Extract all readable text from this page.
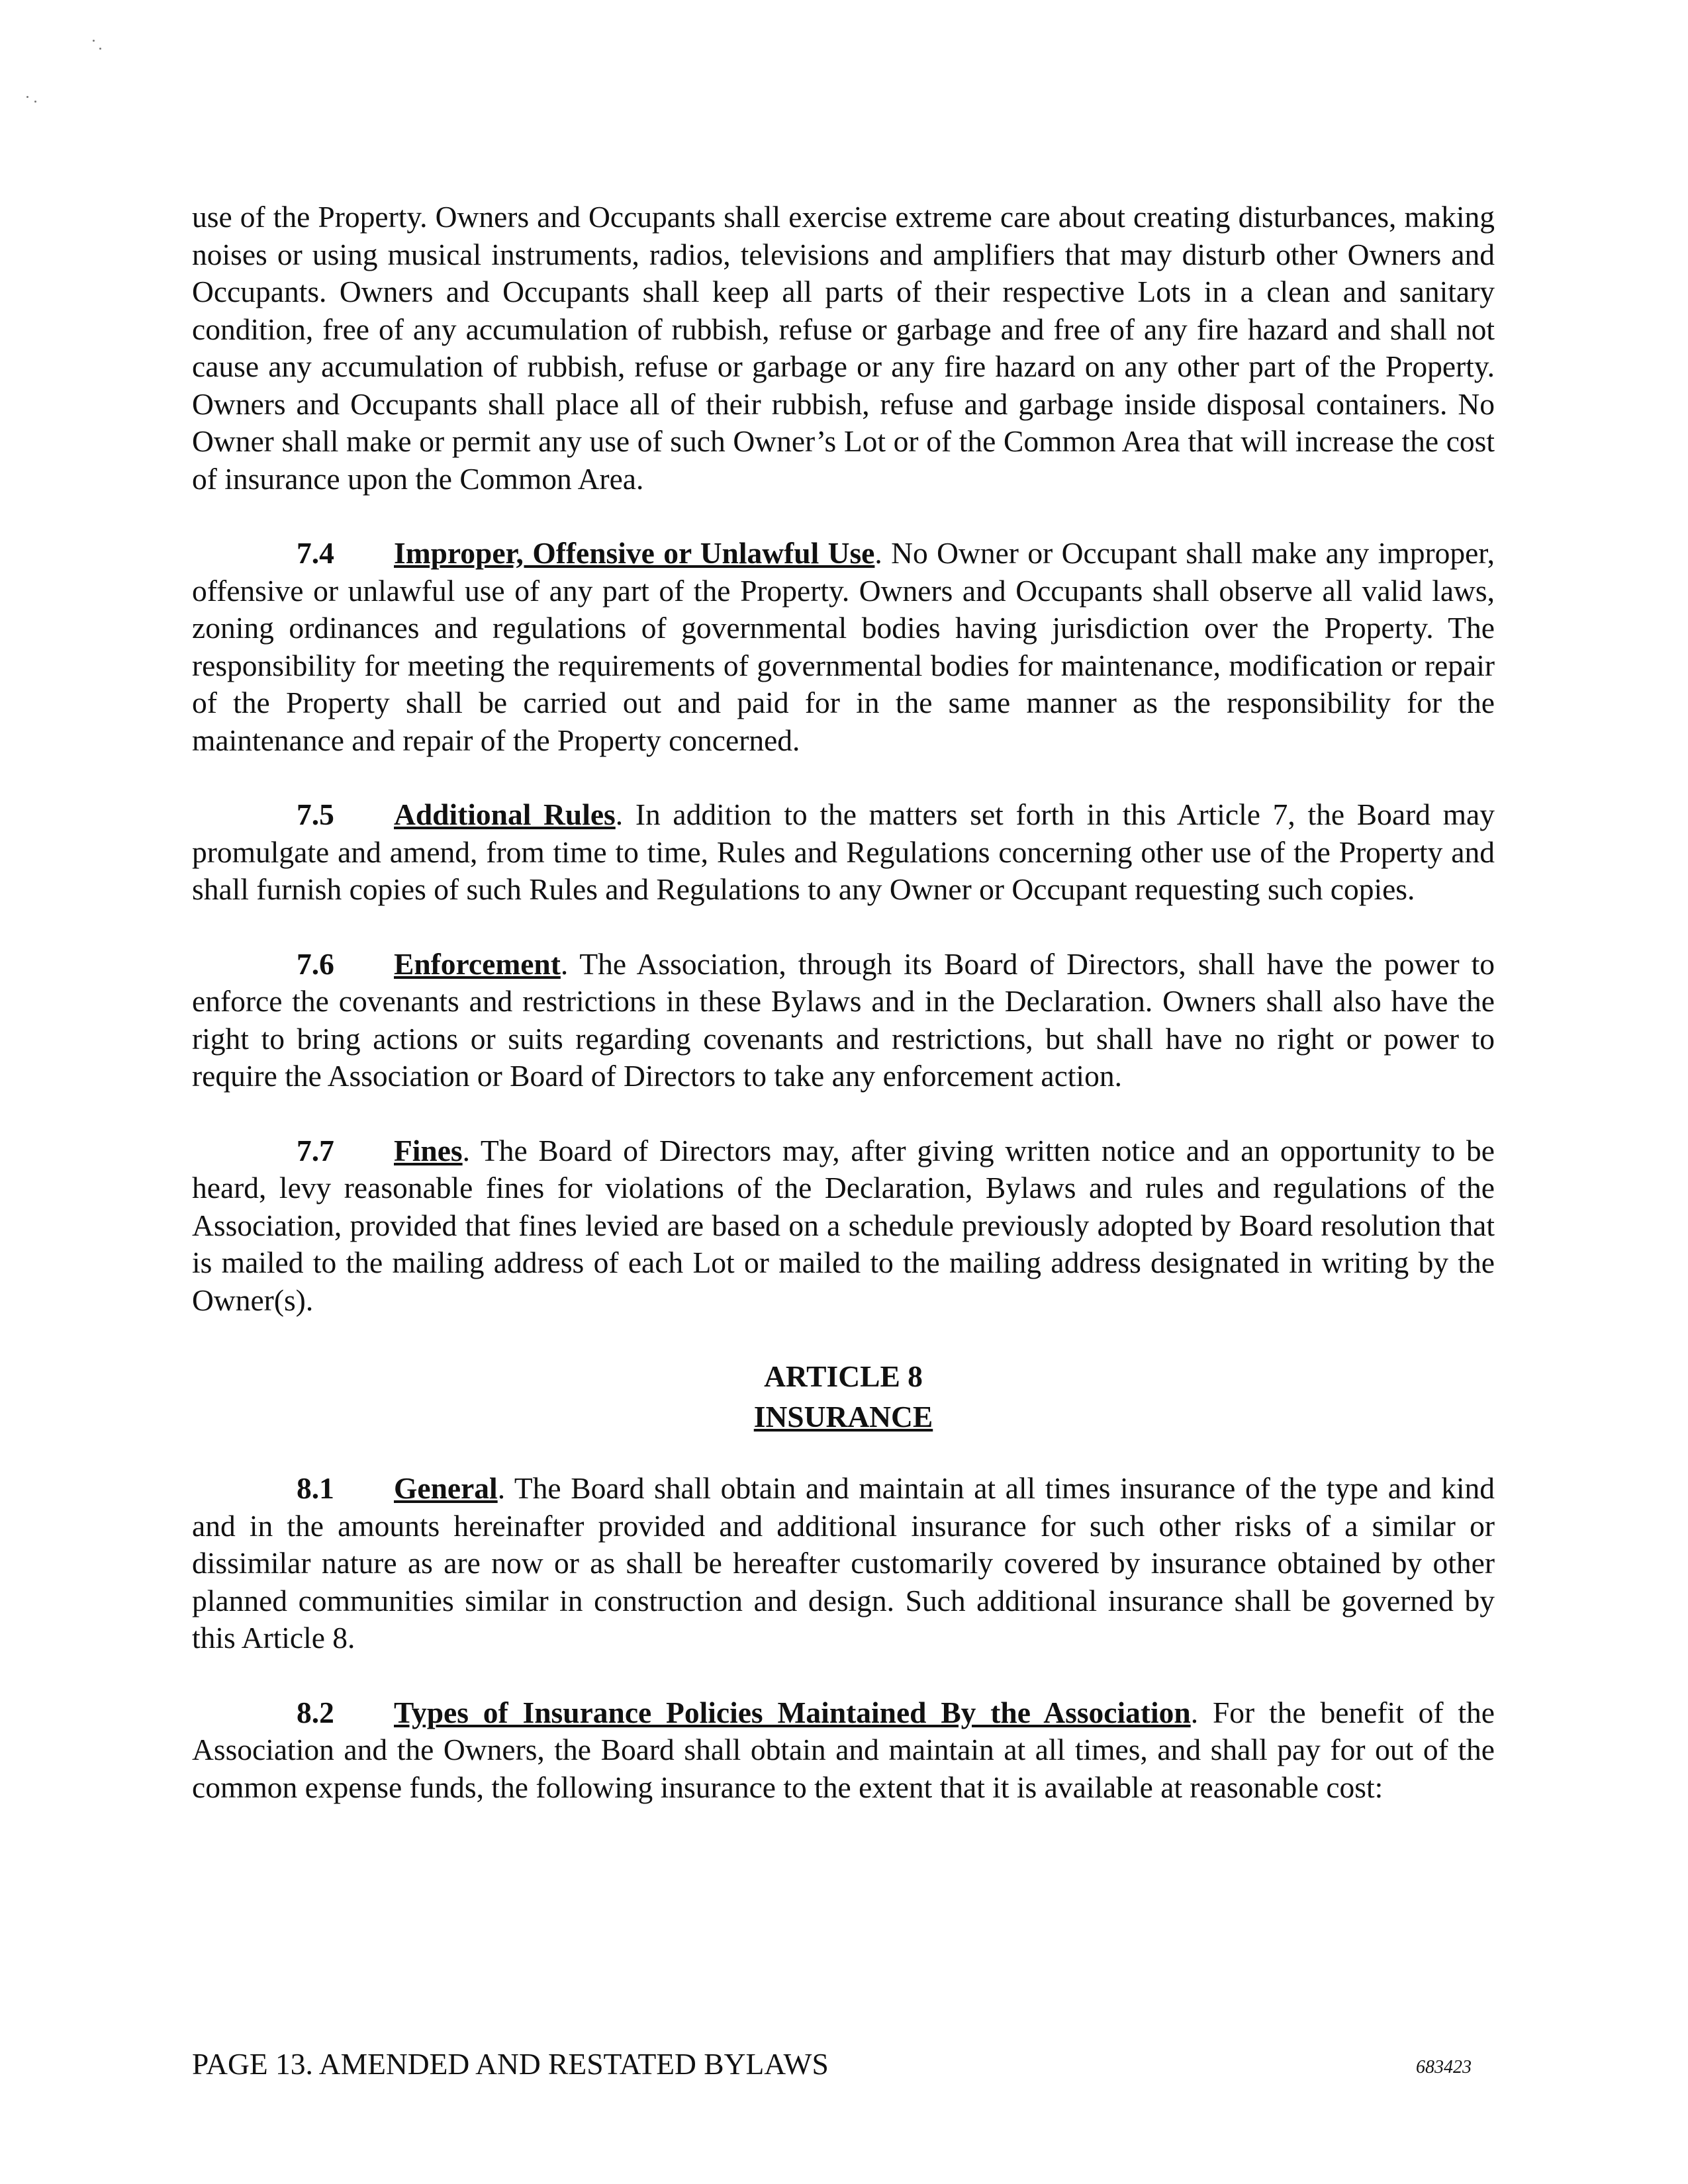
use of the Property. Owners and Occupants shall exercise extreme care about creating disturbances, making noises or using musical instruments, radios, televisions and amplifiers that may disturb other Owners and Occupants. Owners and Occupants shall keep all parts of their respective Lots in a clean and sanitary condition, free of any accumulation of rubbish, refuse or garbage and free of any fire hazard and shall not cause any accumulation of rubbish, refuse or garbage or any fire hazard on any other part of the Property. Owners and Occupants shall place all of their rubbish, refuse and garbage inside disposal containers. No Owner shall make or permit any use of such Owner’s Lot or of the Common Area that will increase the cost of insurance upon the Common Area.

7.4 Improper, Offensive or Unlawful Use. No Owner or Occupant shall make any improper, offensive or unlawful use of any part of the Property. Owners and Occupants shall observe all valid laws, zoning ordinances and regulations of governmental bodies having jurisdiction over the Property. The responsibility for meeting the requirements of governmental bodies for maintenance, modification or repair of the Property shall be carried out and paid for in the same manner as the responsibility for the maintenance and repair of the Property concerned.

7.5 Additional Rules. In addition to the matters set forth in this Article 7, the Board may promulgate and amend, from time to time, Rules and Regulations concerning other use of the Property and shall furnish copies of such Rules and Regulations to any Owner or Occupant requesting such copies.

7.6 Enforcement. The Association, through its Board of Directors, shall have the power to enforce the covenants and restrictions in these Bylaws and in the Declaration. Owners shall also have the right to bring actions or suits regarding covenants and restrictions, but shall have no right or power to require the Association or Board of Directors to take any enforcement action.

7.7 Fines. The Board of Directors may, after giving written notice and an opportunity to be heard, levy reasonable fines for violations of the Declaration, Bylaws and rules and regulations of the Association, provided that fines levied are based on a schedule previously adopted by Board resolution that is mailed to the mailing address of each Lot or mailed to the mailing address designated in writing by the Owner(s).

ARTICLE 8
INSURANCE

8.1 General. The Board shall obtain and maintain at all times insurance of the type and kind and in the amounts hereinafter provided and additional insurance for such other risks of a similar or dissimilar nature as are now or as shall be hereafter customarily covered by insurance obtained by other planned communities similar in construction and design. Such additional insurance shall be governed by this Article 8.

8.2 Types of Insurance Policies Maintained By the Association. For the benefit of the Association and the Owners, the Board shall obtain and maintain at all times, and shall pay for out of the common expense funds, the following insurance to the extent that it is available at reasonable cost:

PAGE 13. AMENDED AND RESTATED BYLAWS	683423
